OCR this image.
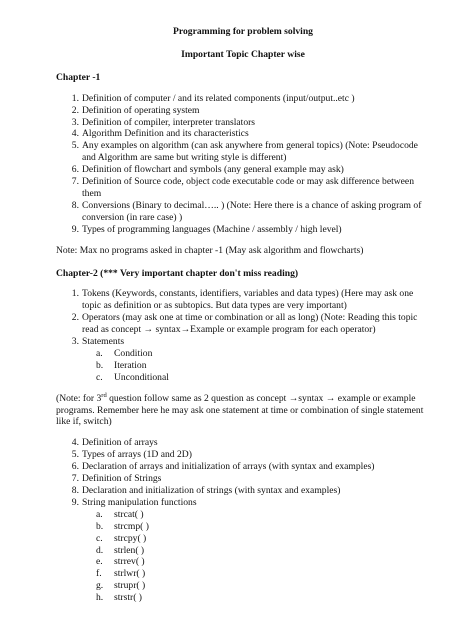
Programming for problem solving
Important Topic Chapter wise
Chapter -1
1 . Definition of computer / and its related components (input/output..etc )
2 . Definition of operating system
3 . Definition of compiler, interpreter translators
4 . Algorithm Definition and its characteristics
5 . Any examples on algorithm (can ask anywhere from general topics) (Note: Pseudocode and Algorithm are same but writing style is different)
6 . Definition of flowchart and symbols (any general example may ask)
7 . Definition of Source code, object code executable code or may ask difference between them
8 . Conversions (Binary to decimal….. ) (Note: Here there is a chance of asking program of conversion (in rare case) )
9 . Types of programming languages (Machine / assembly / high level)
Note: Max no programs asked in chapter -1 (May ask algorithm and flowcharts)
Chapter-2 (*** Very important chapter don't miss reading)
1 . Tokens (Keywords, constants, identifiers, variables and data types) (Here may ask one topic as definition or as subtopics. But data types are very important)
2 . Operators (may ask one at time or combination or all as long) (Note: Reading this topic read as concept → syntax→Example or example program for each operator)
3 . Statements
a. Condition
b. Iteration
c. Unconditional
(Note: for 3rd question follow same as 2 question as concept →syntax → example or example programs. Remember here he may ask one statement at time or combination of single statement like if, switch)
4 . Definition of arrays
5 . Types of arrays (1D and 2D)
6 . Declaration of arrays and initialization of arrays (with syntax and examples)
7 . Definition of Strings
8 . Declaration and initialization of strings (with syntax and examples)
9 . String manipulation functions
a. strcat( )
b. strcmp( )
c. strcpy( )
d. strlen( )
e. strrev( )
f. strlwr( )
g. strupr( )
h. strstr( )
